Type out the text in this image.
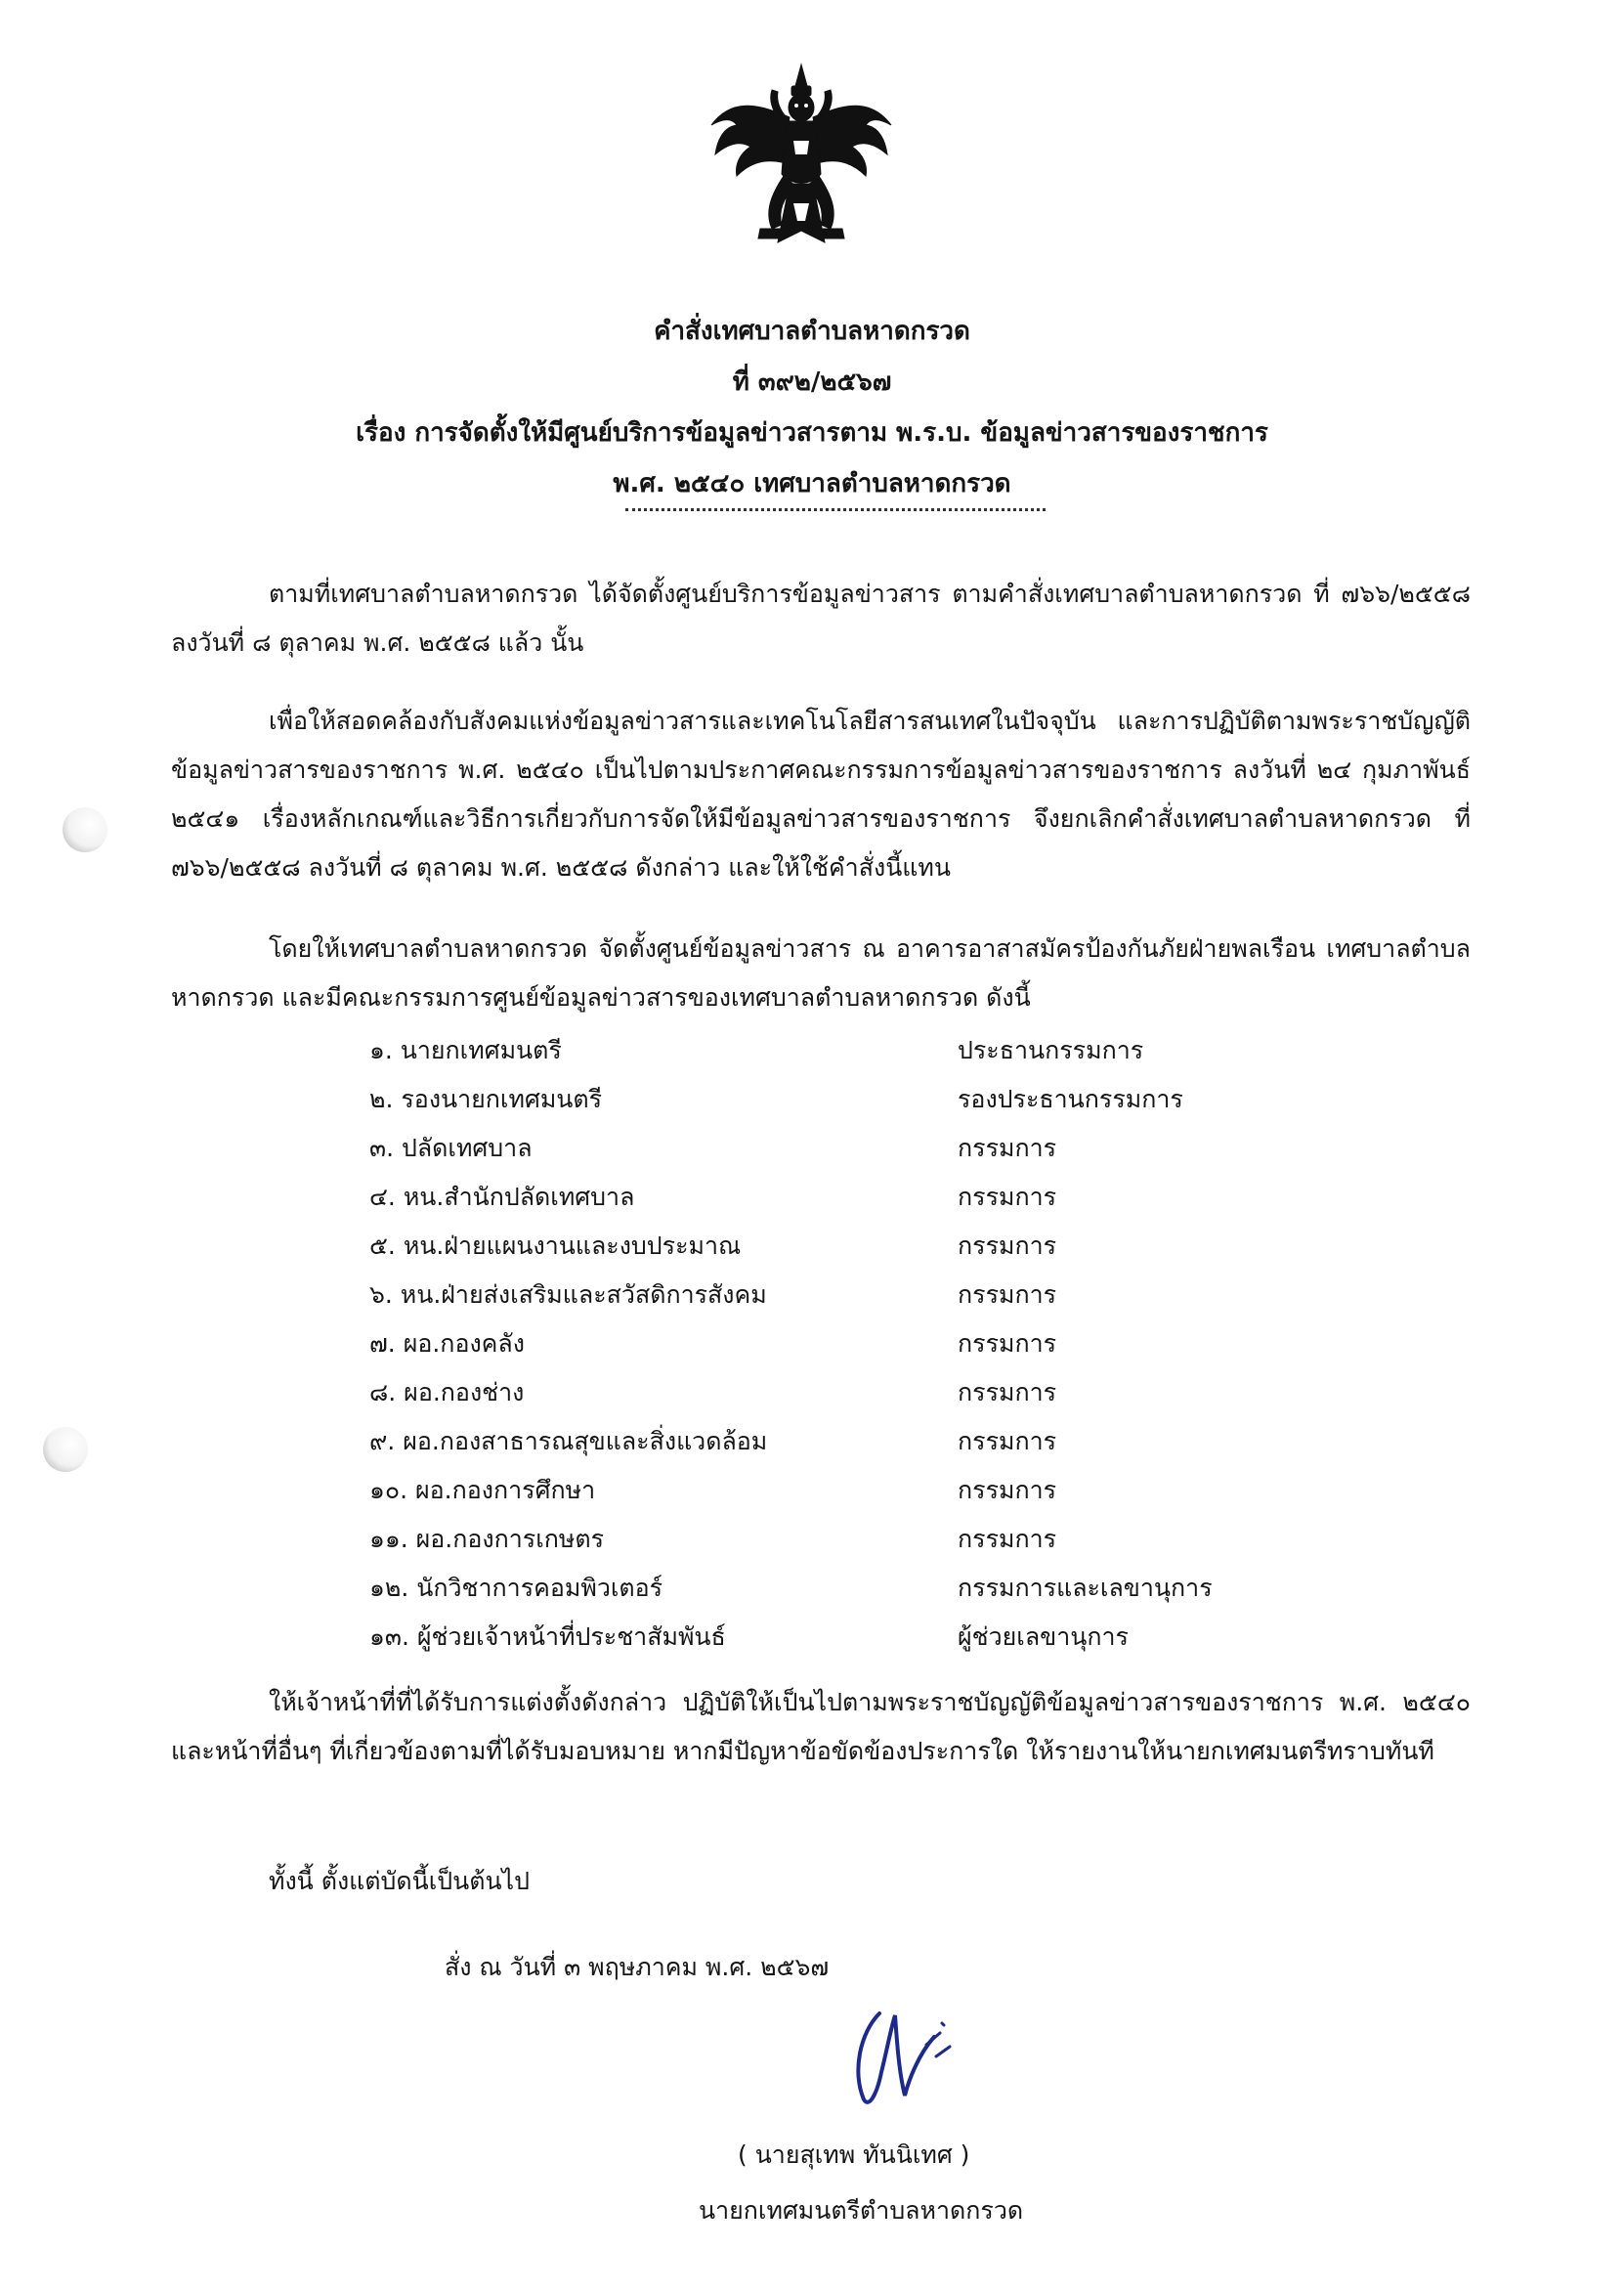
คำสั่งเทศบาลตำบลหาดกรวด
ที่ ๓๙๒/๒๕๖๗
เรื่อง การจัดตั้งให้มีศูนย์บริการข้อมูลข่าวสารตาม พ.ร.บ. ข้อมูลข่าวสารของราชการ
พ.ศ. ๒๕๔๐ เทศบาลตำบลหาดกรวด
ตามที่เทศบาลตำบลหาดกรวด ได้จัดตั้งศูนย์บริการข้อมูลข่าวสาร ตามคำสั่งเทศบาลตำบลหาดกรวด ที่ ๗๖๖/๒๕๕๘ ลงวันที่ ๘ ตุลาคม พ.ศ. ๒๕๕๘ แล้ว นั้น
เพื่อให้สอดคล้องกับสังคมแห่งข้อมูลข่าวสารและเทคโนโลยีสารสนเทศในปัจจุบัน และการปฏิบัติตามพระราชบัญญัติข้อมูลข่าวสารของราชการ พ.ศ. ๒๕๔๐ เป็นไปตามประกาศคณะกรรมการข้อมูลข่าวสารของราชการ ลงวันที่ ๒๔ กุมภาพันธ์ ๒๕๔๑ เรื่องหลักเกณฑ์และวิธีการเกี่ยวกับการจัดให้มีข้อมูลข่าวสารของราชการ จึงยกเลิกคำสั่งเทศบาลตำบลหาดกรวด ที่ ๗๖๖/๒๕๕๘ ลงวันที่ ๘ ตุลาคม พ.ศ. ๒๕๕๘ ดังกล่าว และให้ใช้คำสั่งนี้แทน
โดยให้เทศบาลตำบลหาดกรวด จัดตั้งศูนย์ข้อมูลข่าวสาร ณ อาคารอาสาสมัครป้องกันภัยฝ่ายพลเรือน เทศบาลตำบลหาดกรวด และมีคณะกรรมการศูนย์ข้อมูลข่าวสารของเทศบาลตำบลหาดกรวด ดังนี้
๑. นายกเทศมนตรี	ประธานกรรมการ
๒. รองนายกเทศมนตรี	รองประธานกรรมการ
๓. ปลัดเทศบาล	กรรมการ
๔. หน.สำนักปลัดเทศบาล	กรรมการ
๕. หน.ฝ่ายแผนงานและงบประมาณ	กรรมการ
๖. หน.ฝ่ายส่งเสริมและสวัสดิการสังคม	กรรมการ
๗. ผอ.กองคลัง	กรรมการ
๘. ผอ.กองช่าง	กรรมการ
๙. ผอ.กองสาธารณสุขและสิ่งแวดล้อม	กรรมการ
๑๐. ผอ.กองการศึกษา	กรรมการ
๑๑. ผอ.กองการเกษตร	กรรมการ
๑๒. นักวิชาการคอมพิวเตอร์	กรรมการและเลขานุการ
๑๓. ผู้ช่วยเจ้าหน้าที่ประชาสัมพันธ์	ผู้ช่วยเลขานุการ
ให้เจ้าหน้าที่ที่ได้รับการแต่งตั้งดังกล่าว ปฏิบัติให้เป็นไปตามพระราชบัญญัติข้อมูลข่าวสารของราชการ พ.ศ. ๒๕๔๐ และหน้าที่อื่นๆ ที่เกี่ยวข้องตามที่ได้รับมอบหมาย หากมีปัญหาข้อขัดข้องประการใด ให้รายงานให้นายกเทศมนตรีทราบทันที
ทั้งนี้ ตั้งแต่บัดนี้เป็นต้นไป
สั่ง ณ วันที่ ๓ พฤษภาคม พ.ศ. ๒๕๖๗
( นายสุเทพ ทันนิเทศ )
นายกเทศมนตรีตำบลหาดกรวด
